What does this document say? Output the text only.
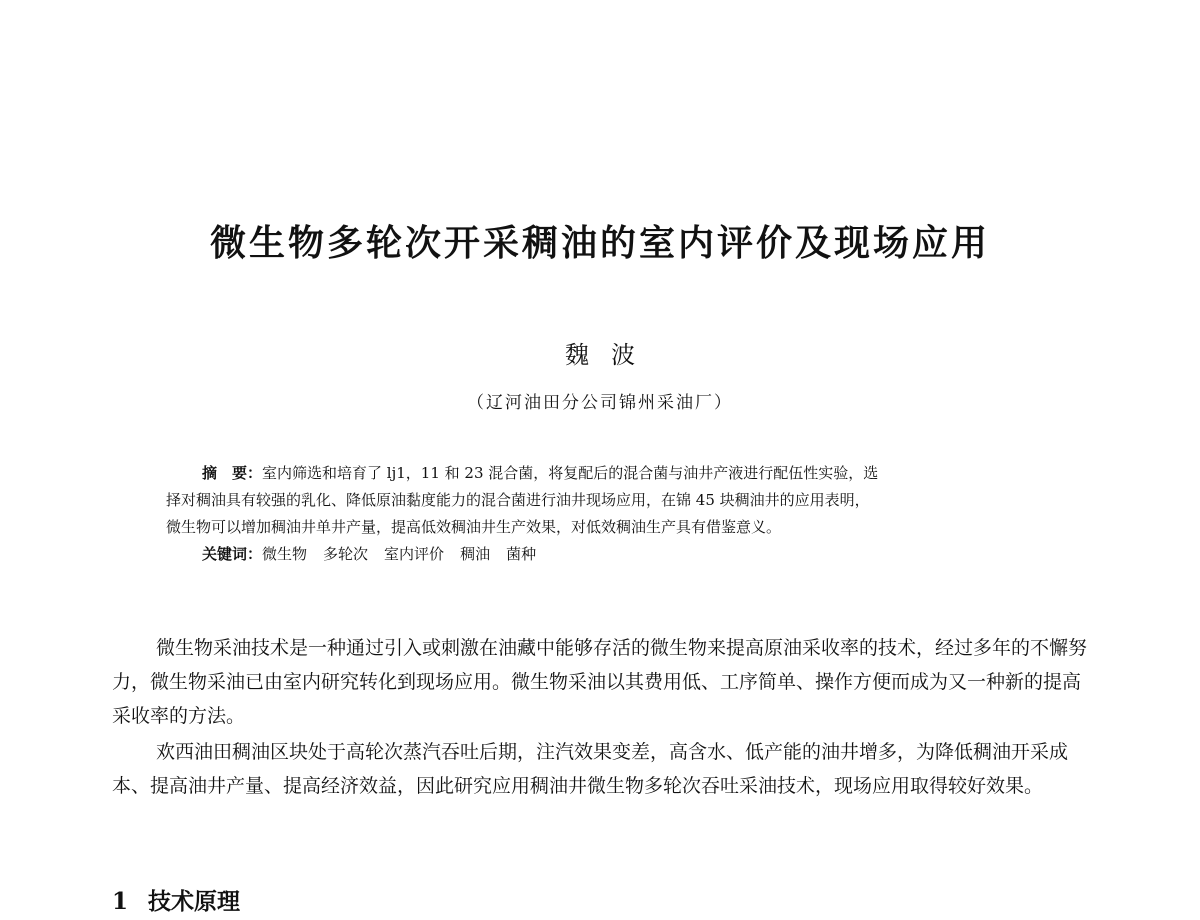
微生物多轮次开采稠油的室内评价及现场应用
魏波
（辽河油田分公司锦州采油厂）

摘　要：室内筛选和培育了 lj1，11 和 23 混合菌，将复配后的混合菌与油井产液进行配伍性实验，选

择对稠油具有较强的乳化、降低原油黏度能力的混合菌进行油井现场应用，在锦 45 块稠油井的应用表明，

微生物可以增加稠油井单井产量，提高低效稠油井生产效果，对低效稠油生产具有借鉴意义。

关键词：微生物 多轮次 室内评价 稠油 菌种

微生物采油技术是一种通过引入或刺激在油藏中能够存活的微生物来提高原油采收率的技术，经过多年的不懈努力，微生物采油已由室内研究转化到现场应用。微生物采油以其费用低、工序简单、操作方便而成为又一种新的提高采收率的方法。

欢西油田稠油区块处于高轮次蒸汽吞吐后期，注汽效果变差，高含水、低产能的油井增多，为降低稠油开采成本、提高油井产量、提高经济效益，因此研究应用稠油井微生物多轮次吞吐采油技术，现场应用取得较好效果。

1 技术原理
